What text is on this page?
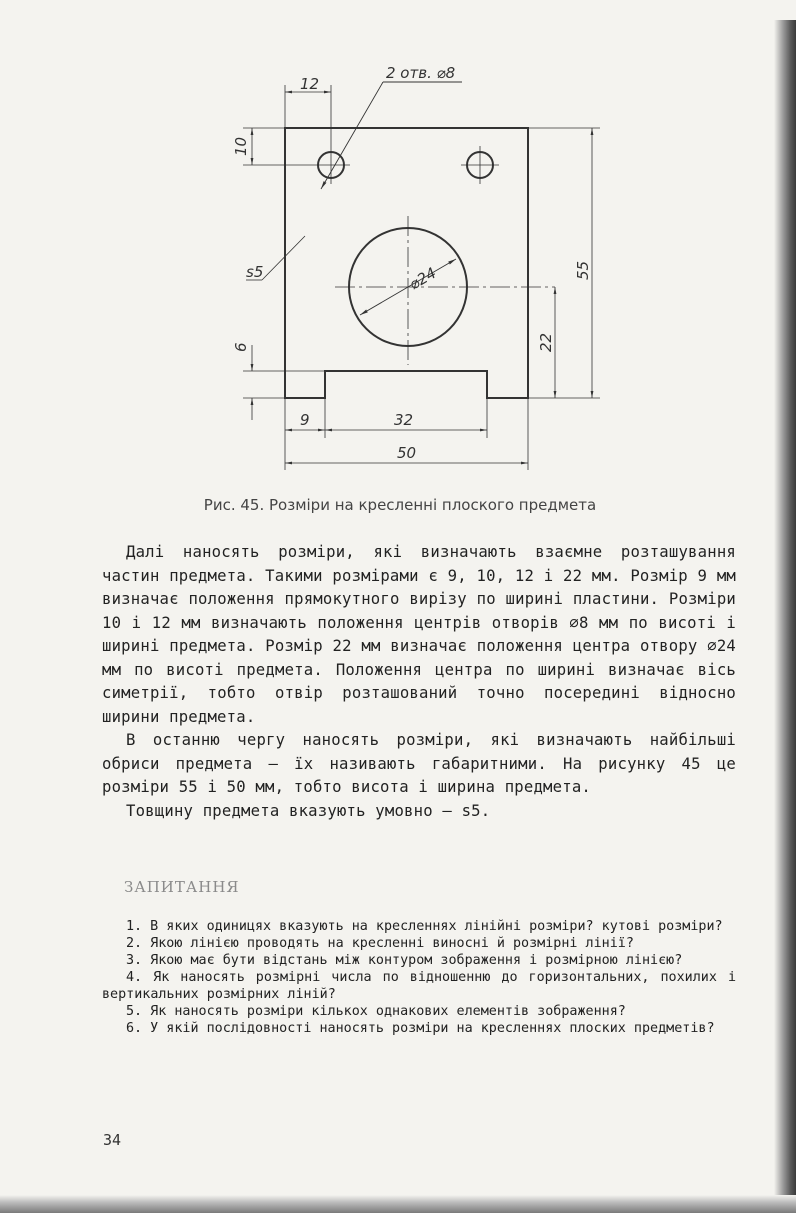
2 отв. ⌀8
12
10
55
⌀24
s5
6	22
9	32
50
Рис. 45. Розміри на кресленні плоского предмета

Далі наносять розміри, які визначають взаємне розташування частин предмета. Такими розмірами є 9, 10, 12 і 22 мм. Розмір 9 мм визначає положення прямокутного вирізу по ширині пластини. Розміри 10 і 12 мм визначають положення центрів отворів ∅8 мм по висоті і ширині предмета. Розмір 22 мм визначає положення центра отвору ∅24 мм по висоті предмета. Положення центра по ширині визначає вісь симетрії, тобто отвір розташований точно посередині відносно ширини предмета.

В останню чергу наносять розміри, які визначають найбільші обриси предмета — їх називають габаритними. На рисунку 45 це розміри 55 і 50 мм, тобто висота і ширина предмета.

Товщину предмета вказують умовно — s5.

ЗАПИТАННЯ

1. В яких одиницях вказують на кресленнях лінійні розміри? кутові розміри?

2. Якою лінією проводять на кресленні виносні й розмірні лінії?

3. Якою має бути відстань між контуром зображення і розмірною лінією?

4. Як наносять розмірні числа по відношенню до горизонтальних, похилих і вертикальних розмірних ліній?

5. Як наносять розміри кількох однакових елементів зображення?

6. У якій послідовності наносять розміри на кресленнях плоских предметів?

34
